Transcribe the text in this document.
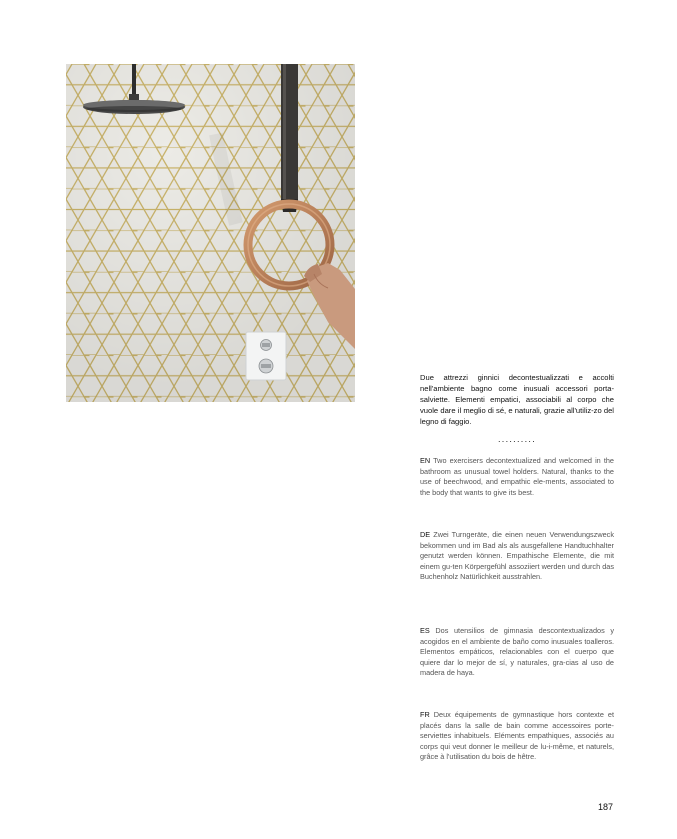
Due attrezzi ginnici decontestualizzati e accolti nell'ambiente bagno come inusuali accessori porta-salviette. Elementi empatici, associabili al corpo che vuole dare il meglio di sé, e naturali, grazie all'utiliz-zo del legno di faggio.

..........

EN Two exercisers decontextualized and welcomed in the bathroom as unusual towel holders. Natural, thanks to the use of beechwood, and empathic ele-ments, associated to the body that wants to give its best.

DE Zwei Turngeräte, die einen neuen Verwendungszweck bekommen und im Bad als als ausgefallene Handtuchhalter genutzt werden können. Empathische Elemente, die mit einem gu-ten Körpergefühl assoziiert werden und durch das Buchenholz Natürlichkeit ausstrahlen.

ES Dos utensilios de gimnasia descontextualizados y acogidos en el ambiente de baño como inusuales toalleros. Elementos empáticos, relacionables con el cuerpo que quiere dar lo mejor de sí, y naturales, gra-cias al uso de madera de haya.

FR Deux équipements de gymnastique hors contexte et placés dans la salle de bain comme accessoires porte-serviettes inhabituels. Eléments empathiques, associés au corps qui veut donner le meilleur de lu-i-même, et naturels, grâce à l'utilisation du bois de hêtre.

187
